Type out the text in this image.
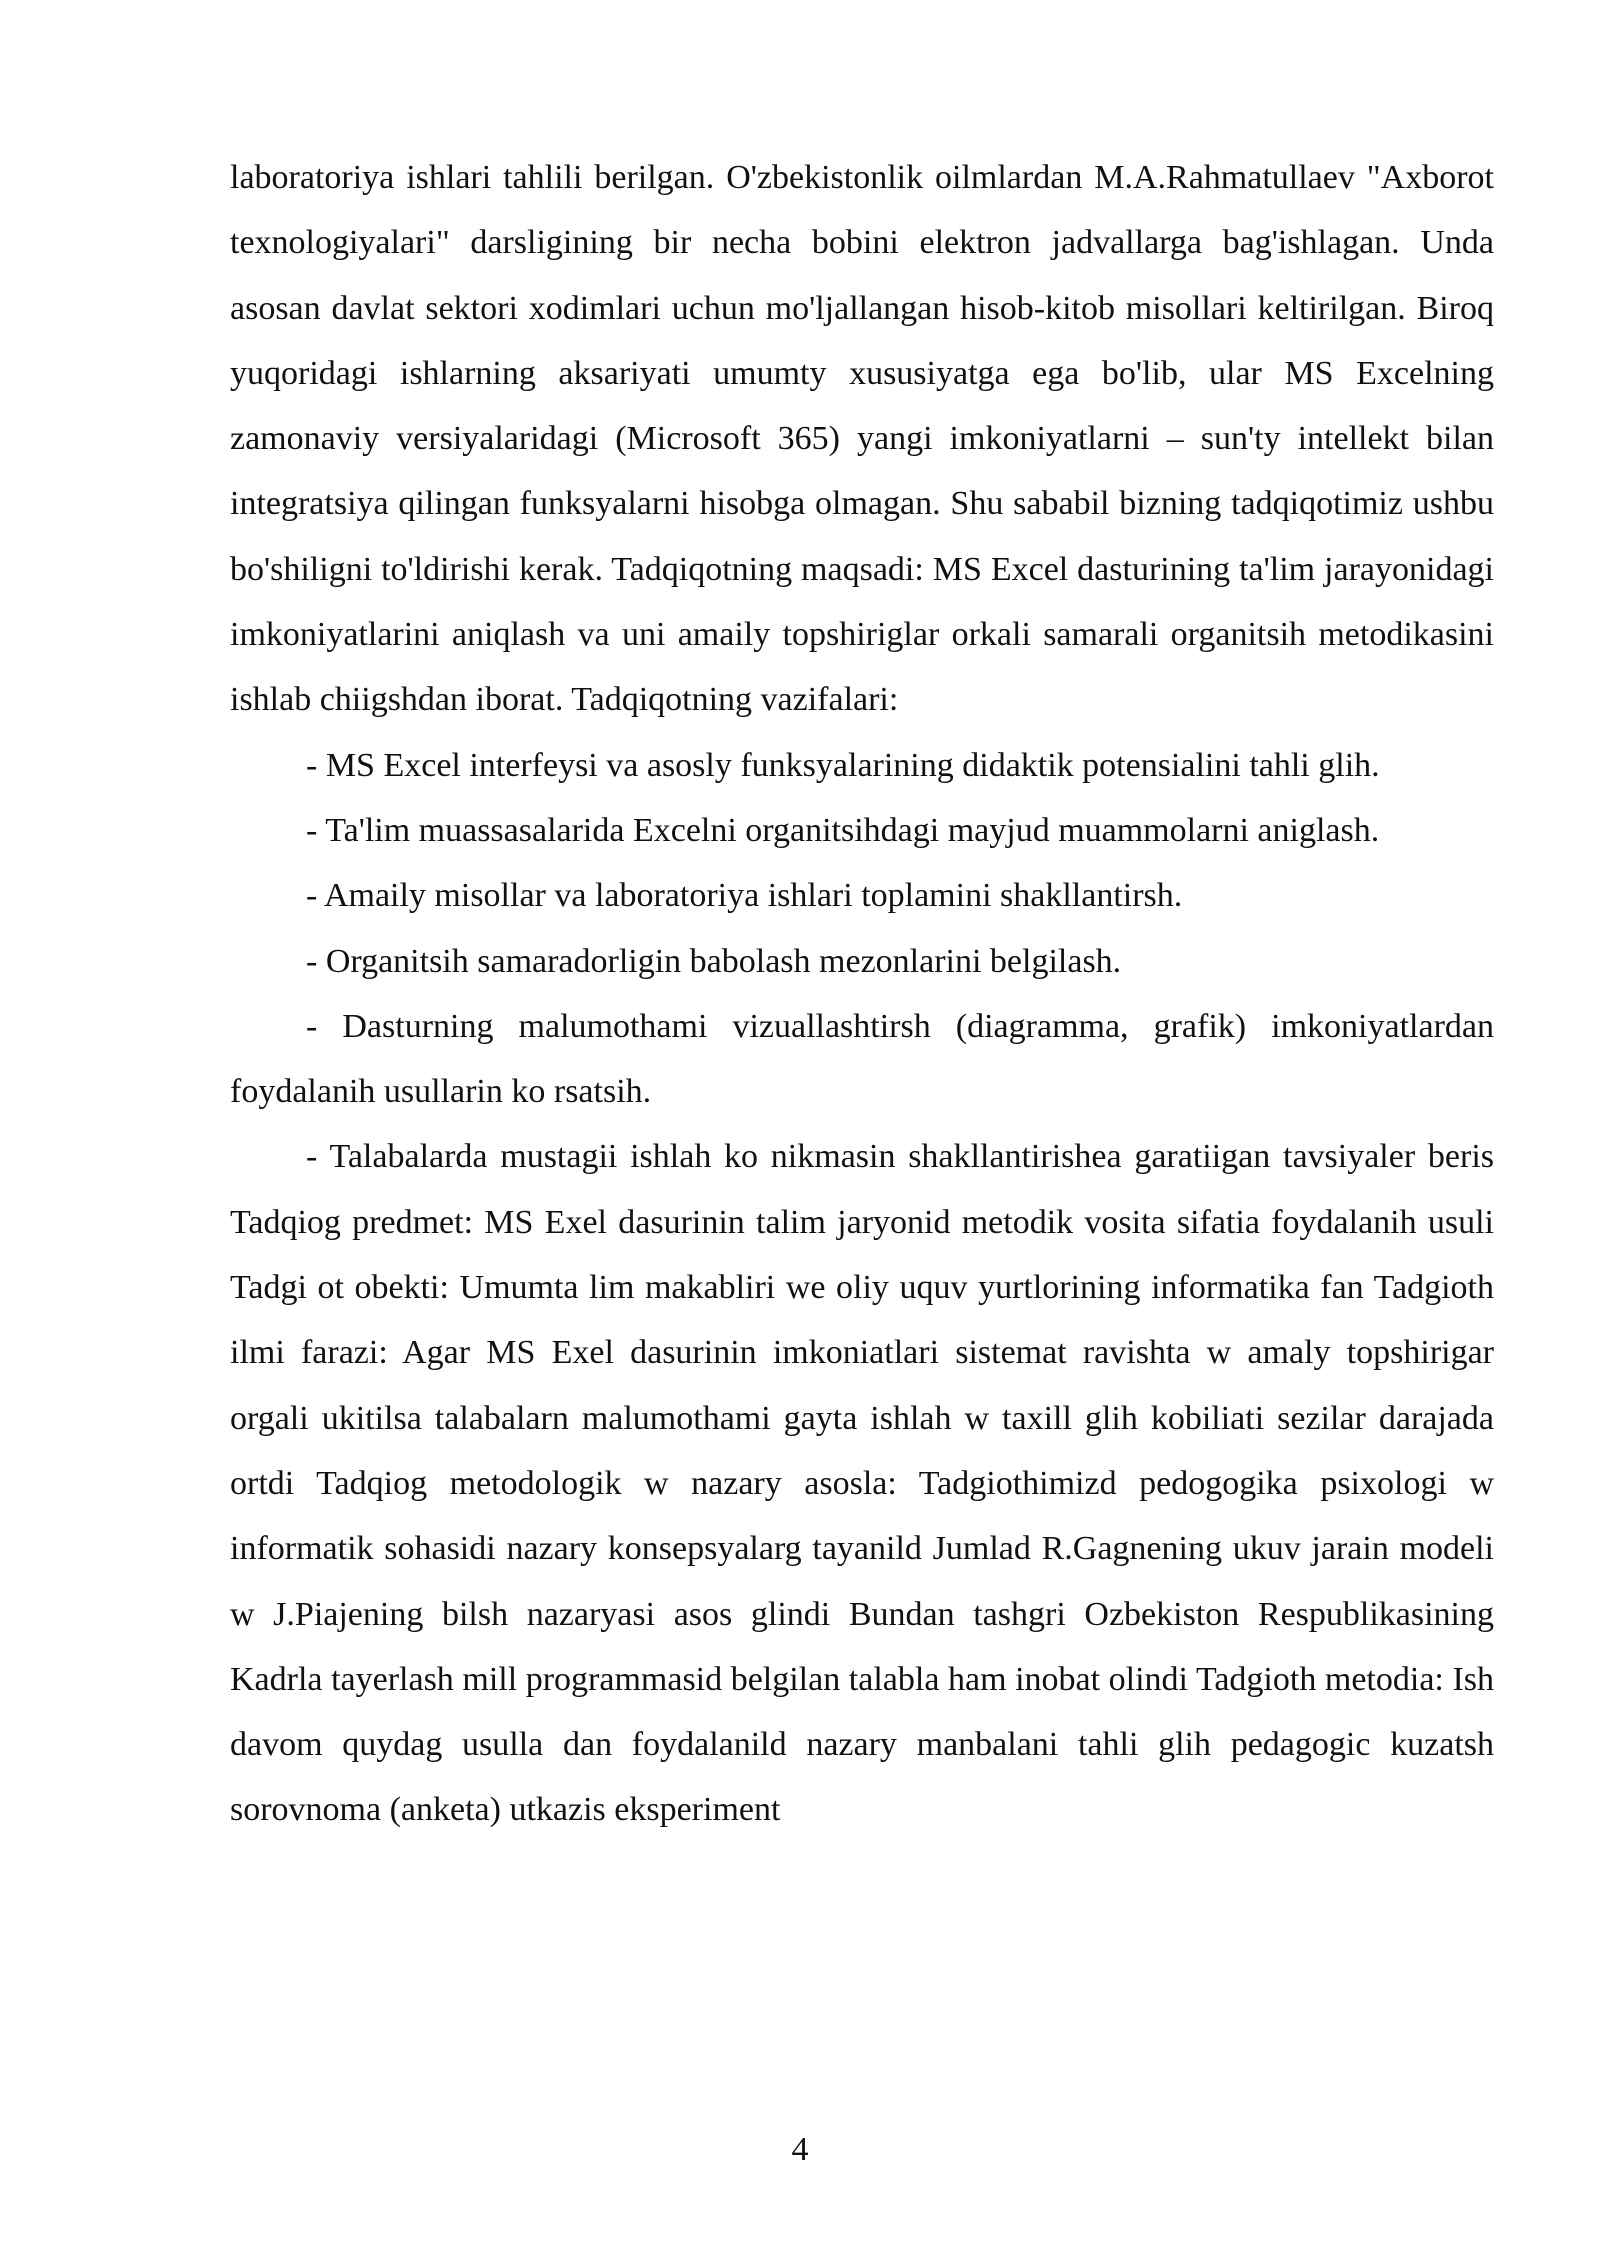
laboratoriya ishlari tahlili berilgan. O'zbekistonlik oilmlardan M.A.Rahmatullaev "Axborot texnologiyalari" darsligining bir necha bobini elektron jadvallarga bag'ishlagan. Unda asosan davlat sektori xodimlari uchun mo'ljallangan hisob-kitob misollari keltirilgan. Biroq yuqoridagi ishlarning aksariyati umumty xususiyatga ega bo'lib, ular MS Excelning zamonaviy versiyalaridagi (Microsoft 365) yangi imkoniyatlarni – sun'ty intellekt bilan integratsiya qilingan funksyalarni hisobga olmagan. Shu sababil bizning tadqiqotimiz ushbu bo'shiligni to'ldirishi kerak. Tadqiqotning maqsadi: MS Excel dasturining ta'lim jarayonidagi imkoniyatlarini aniqlash va uni amaily topshiriglar orkali samarali organitsih metodikasini ishlab chiigshdan iborat. Tadqiqotning vazifalari:

- MS Excel interfeysi va asosly funksyalarining didaktik potensialini tahli glih.

- Ta'lim muassasalarida Excelni organitsihdagi mayjud muammolarni aniglash.

- Amaily misollar va laboratoriya ishlari toplamini shakllantirsh.

- Organitsih samaradorligin babolash mezonlarini belgilash.

- Dasturning malumothami vizuallashtirsh (diagramma, grafik) imkoniyatlardan foydalanih usullarin ko rsatsih.

- Talabalarda mustagii ishlah ko nikmasin shakllantirishea garatiigan tavsiyaler beris Tadqiog predmet: MS Exel dasurinin talim jaryonid metodik vosita sifatia foydalanih usuli Tadgi ot obekti: Umumta lim makabliri we oliy uquv yurtlorining informatika fan Tadgioth ilmi farazi: Agar MS Exel dasurinin imkoniatlari sistemat ravishta w amaly topshirigar orgali ukitilsa talabalarn malumothami gayta ishlah w taxill glih kobiliati sezilar darajada ortdi Tadqiog metodologik w nazary asosla: Tadgiothimizd pedogogika psixologi w informatik sohasidi nazary konsepsyalarg tayanild Jumlad R.Gagnening ukuv jarain modeli w J.Piajening bilsh nazaryasi asos glindi Bundan tashgri Ozbekiston Respublikasining Kadrla tayerlash mill programmasid belgilan talabla ham inobat olindi Tadgioth metodia: Ish davom quydag usulla dan foydalanild nazary manbalani tahli glih pedagogic kuzatsh sorovnoma (anketa) utkazis eksperiment

4
